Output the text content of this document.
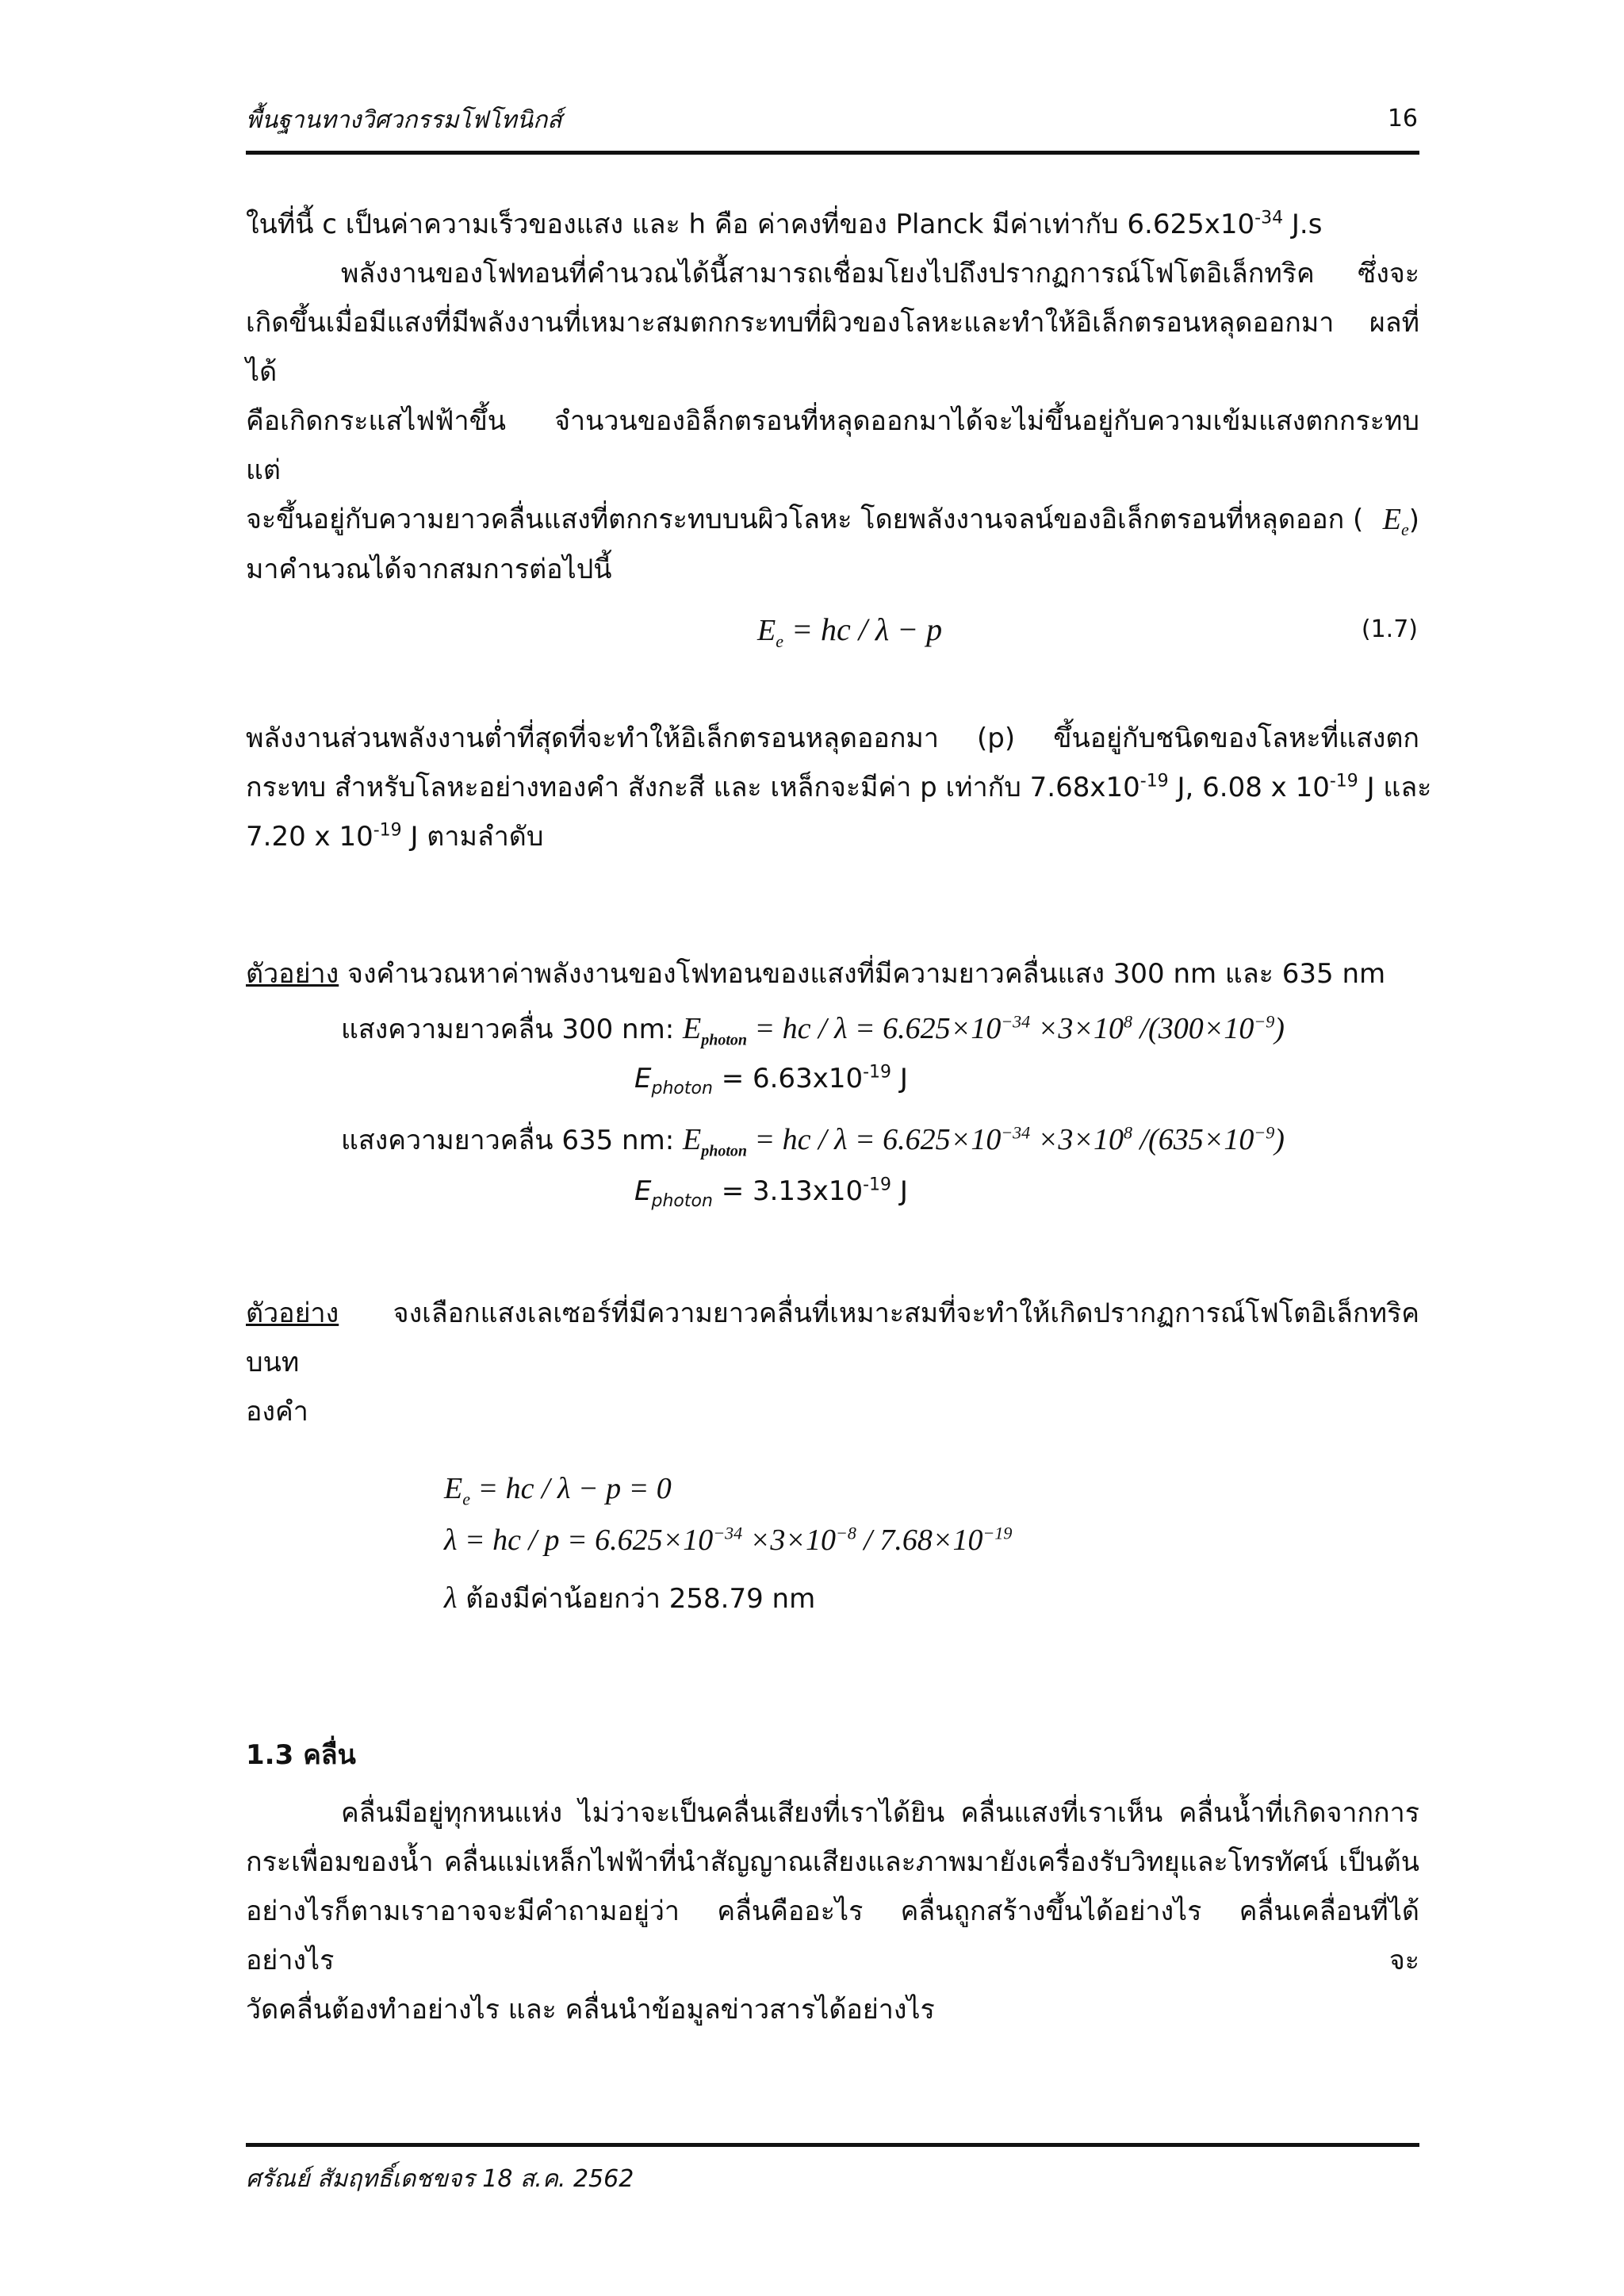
พื้นฐานทางวิศวกรรมโฟโทนิกส์	16
ในที่นี้ c เป็นค่าความเร็วของแสง และ h คือ ค่าคงที่ของ Planck มีค่าเท่ากับ $6.625x10^{-34}$ J.s
พลังงานของโฟทอนที่คำนวณได้นี้สามารถเชื่อมโยงไปถึงปรากฏการณ์โฟโตอิเล็กทริค ซึ่งจะ
เกิดขึ้นเมื่อมีแสงที่มีพลังงานที่เหมาะสมตกกระทบที่ผิวของโลหะและทำให้อิเล็กตรอนหลุดออกมา ผลที่ได้
คือเกิดกระแสไฟฟ้าขึ้น จำนวนของอิล็กตรอนที่หลุดออกมาได้จะไม่ขึ้นอยู่กับความเข้มแสงตกกระทบ แต่
จะขึ้นอยู่กับความยาวคลื่นแสงที่ตกกระทบบนผิวโลหะ โดยพลังงานจลน์ของอิเล็กตรอนที่หลุดออก ( $E_e$)
มาคำนวณได้จากสมการต่อไปนี้
$E_e$ = hc / λ − p	(1.7)
พลังงานส่วนพลังงานต่ำที่สุดที่จะทำให้อิเล็กตรอนหลุดออกมา (p) ขึ้นอยู่กับชนิดของโลหะที่แสงตก
กระทบ สำหรับโลหะอย่างทองคำ สังกะสี และ เหล็กจะมีค่า p เท่ากับ $7.68x10^{-19}$ J, 6.08 x $10^{-19}$ J และ
7.20 x $10^{-19}$ J ตามลำดับ
ตัวอย่าง จงคำนวณหาค่าพลังงานของโฟทอนของแสงที่มีความยาวคลื่นแสง 300 nm และ 635 nm
แสงความยาวคลื่น 300 nm: $E_{photon}$ = hc / $\lambda = 6.625\times 10^{-34} \times 3\times 10^8$ $/(300\times 10^{-9})$
$E_{photon} = 6.63x10^{-19}$ J
แสงความยาวคลื่น 635 nm: $E_{photon}$ = hc / $\lambda = 6.625\times 10^{-34} \times 3\times 10^8$ $/(635\times 10^{-9})$
$E_{photon} = 3.13x10^{-19}$ J
ตัวอย่าง จงเลือกแสงเลเซอร์ที่มีความยาวคลื่นที่เหมาะสมที่จะทำให้เกิดปรากฏการณ์โฟโตอิเล็กทริคบนท
องคำ
$E_e$ = hc / λ − p = 0
λ = hc / $p = 6.625\times 10^{-34} \times 3\times 10^{-8} / 7.68\times 10^{-19}$
λ ต้องมีค่าน้อยกว่า 258.79 nm
1.3 คลื่น
คลื่นมีอยู่ทุกหนแห่ง ไม่ว่าจะเป็นคลื่นเสียงที่เราได้ยิน คลื่นแสงที่เราเห็น คลื่นน้ำที่เกิดจากการ
กระเพื่อมของน้ำ คลื่นแม่เหล็กไฟฟ้าที่นำสัญญาณเสียงและภาพมายังเครื่องรับวิทยุและโทรทัศน์ เป็นต้น
อย่างไรก็ตามเราอาจจะมีคำถามอยู่ว่า คลื่นคืออะไร คลื่นถูกสร้างขึ้นได้อย่างไร คลื่นเคลื่อนที่ได้อย่างไร จะ
วัดคลื่นต้องทำอย่างไร และ คลื่นนำข้อมูลข่าวสารได้อย่างไร
ศรัณย์ สัมฤทธิ์เดชขจร 18 ส.ค. 2562
